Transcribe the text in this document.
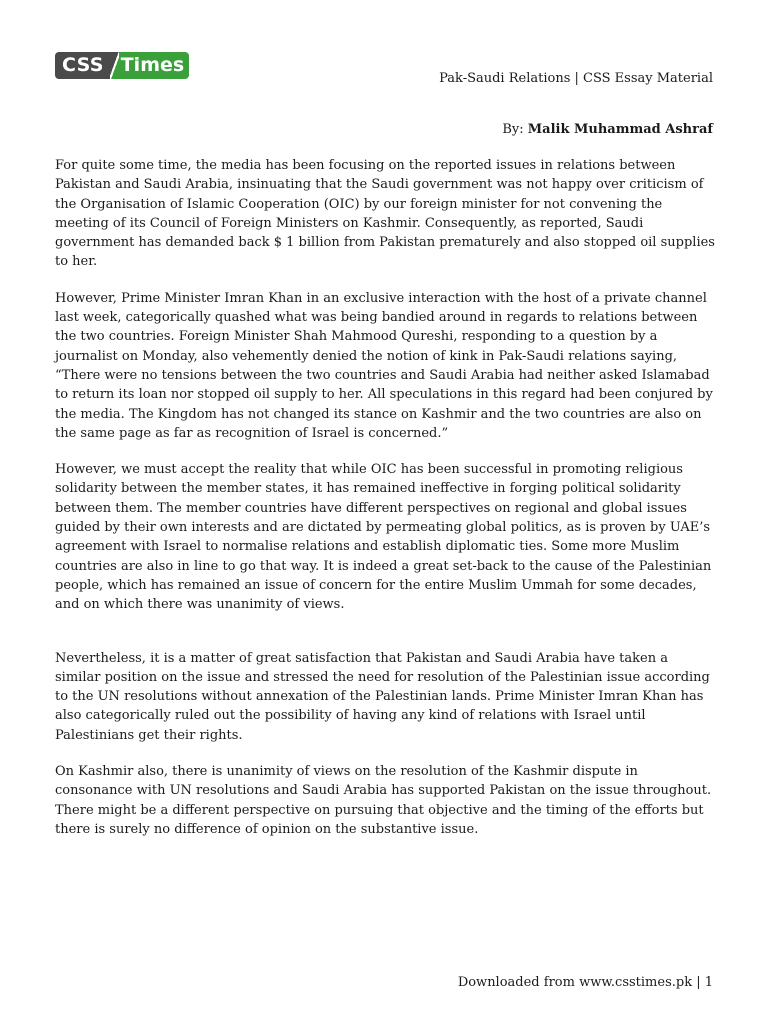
CSS Times
Pak-Saudi Relations | CSS Essay Material
By: Malik Muhammad Ashraf

For quite some time, the media has been focusing on the reported issues in relations between Pakistan and Saudi Arabia, insinuating that the Saudi government was not happy over criticism of the Organisation of Islamic Cooperation (OIC) by our foreign minister for not convening the meeting of its Council of Foreign Ministers on Kashmir. Consequently, as reported, Saudi government has demanded back $ 1 billion from Pakistan prematurely and also stopped oil supplies to her.

However, Prime Minister Imran Khan in an exclusive interaction with the host of a private channel last week, categorically quashed what was being bandied around in regards to relations between the two countries. Foreign Minister Shah Mahmood Qureshi, responding to a question by a journalist on Monday, also vehemently denied the notion of kink in Pak-Saudi relations saying, “There were no tensions between the two countries and Saudi Arabia had neither asked Islamabad to return its loan nor stopped oil supply to her. All speculations in this regard had been conjured by the media. The Kingdom has not changed its stance on Kashmir and the two countries are also on the same page as far as recognition of Israel is concerned.”

However, we must accept the reality that while OIC has been successful in promoting religious solidarity between the member states, it has remained ineffective in forging political solidarity between them. The member countries have different perspectives on regional and global issues guided by their own interests and are dictated by permeating global politics, as is proven by UAE’s agreement with Israel to normalise relations and establish diplomatic ties. Some more Muslim countries are also in line to go that way. It is indeed a great set-back to the cause of the Palestinian people, which has remained an issue of concern for the entire Muslim Ummah for some decades, and on which there was unanimity of views.

Nevertheless, it is a matter of great satisfaction that Pakistan and Saudi Arabia have taken a similar position on the issue and stressed the need for resolution of the Palestinian issue according to the UN resolutions without annexation of the Palestinian lands. Prime Minister Imran Khan has also categorically ruled out the possibility of having any kind of relations with Israel until Palestinians get their rights.

On Kashmir also, there is unanimity of views on the resolution of the Kashmir dispute in consonance with UN resolutions and Saudi Arabia has supported Pakistan on the issue throughout. There might be a different perspective on pursuing that objective and the timing of the efforts but there is surely no difference of opinion on the substantive issue.

Downloaded from www.csstimes.pk | 1
